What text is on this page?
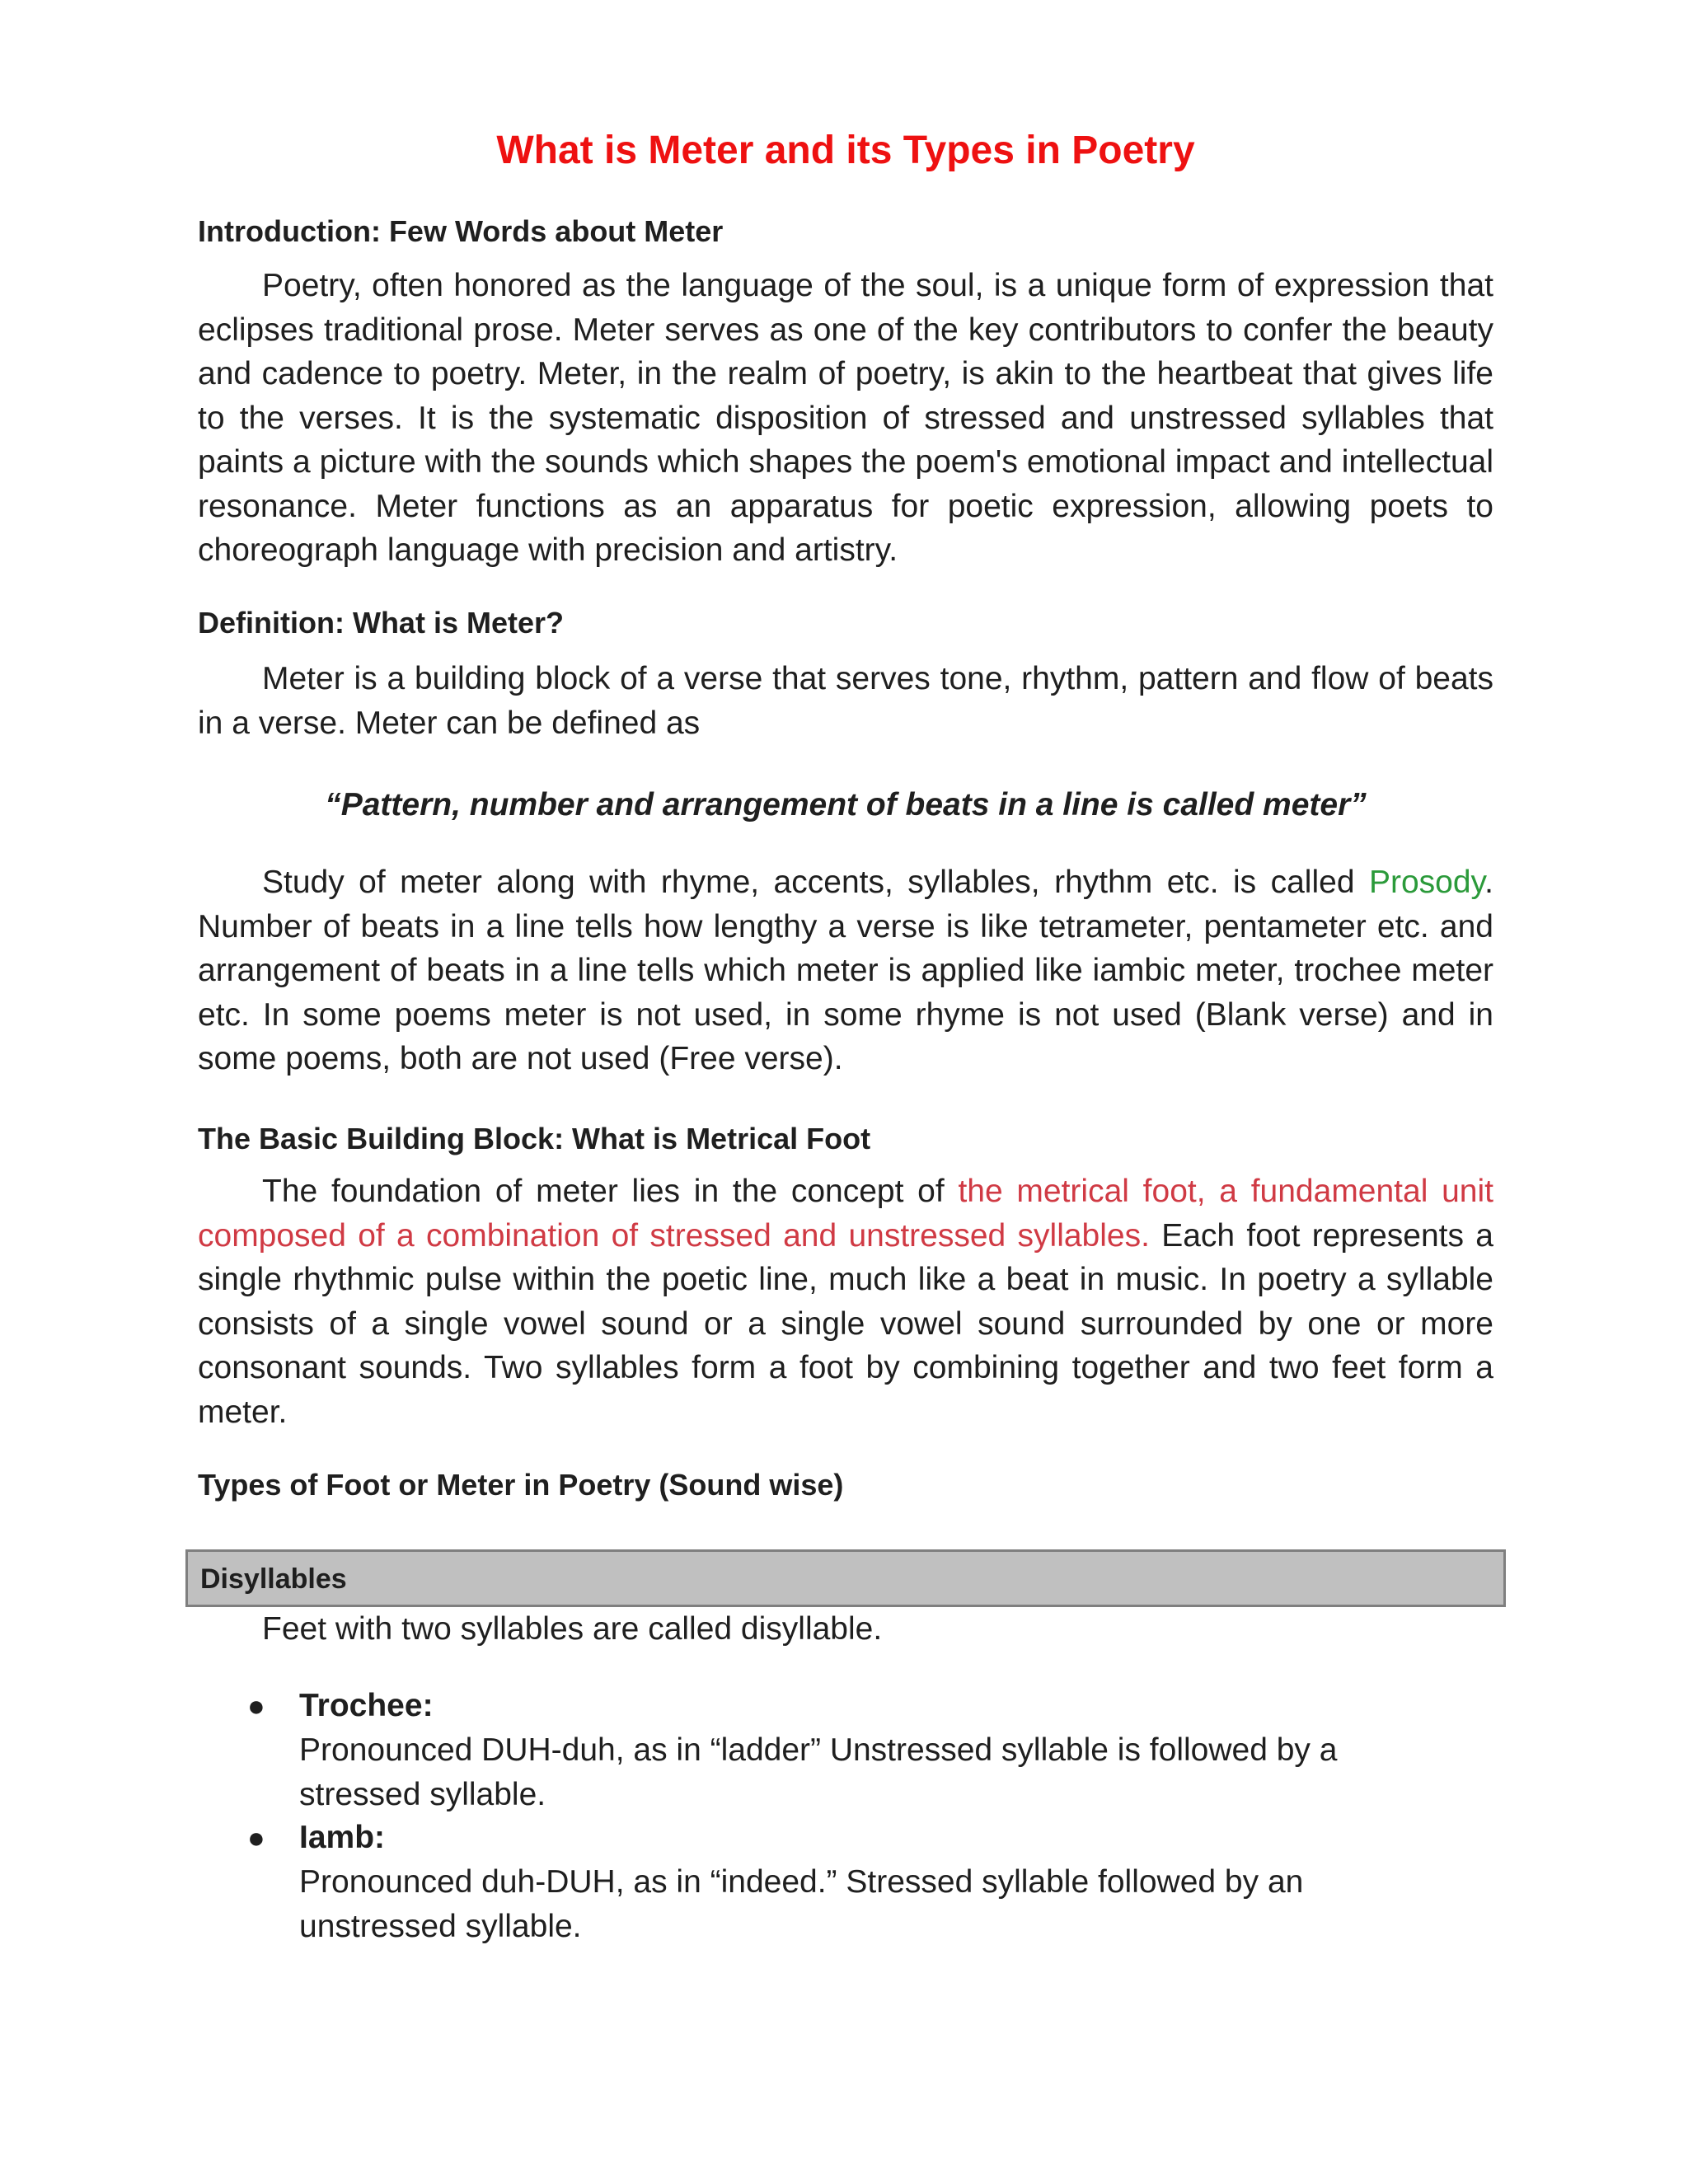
What is Meter and its Types in Poetry
Introduction: Few Words about Meter

Poetry, often honored as the language of the soul, is a unique form of expression that eclipses traditional prose. Meter serves as one of the key contributors to confer the beauty and cadence to poetry. Meter, in the realm of poetry, is akin to the heartbeat that gives life to the verses. It is the systematic disposition of stressed and unstressed syllables that paints a picture with the sounds which shapes the poem's emotional impact and intellectual resonance. Meter functions as an apparatus for poetic expression, allowing poets to choreograph language with precision and artistry.

Definition: What is Meter?

Meter is a building block of a verse that serves tone, rhythm, pattern and flow of beats in a verse. Meter can be defined as

“Pattern, number and arrangement of beats in a line is called meter”

Study of meter along with rhyme, accents, syllables, rhythm etc. is called Prosody. Number of beats in a line tells how lengthy a verse is like tetrameter, pentameter etc. and arrangement of beats in a line tells which meter is applied like iambic meter, trochee meter etc. In some poems meter is not used, in some rhyme is not used (Blank verse) and in some poems, both are not used (Free verse).

The Basic Building Block: What is Metrical Foot

The foundation of meter lies in the concept of the metrical foot, a fundamental unit composed of a combination of stressed and unstressed syllables. Each foot represents a single rhythmic pulse within the poetic line, much like a beat in music. In poetry a syllable consists of a single vowel sound or a single vowel sound surrounded by one or more consonant sounds. Two syllables form a foot by combining together and two feet form a meter.

Types of Foot or Meter in Poetry (Sound wise)
Disyllables

Feet with two syllables are called disyllable.

● Trochee:

Pronounced DUH-duh, as in “ladder” Unstressed syllable is followed by a stressed syllable.

● Iamb:

Pronounced duh-DUH, as in “indeed.” Stressed syllable followed by an unstressed syllable.
